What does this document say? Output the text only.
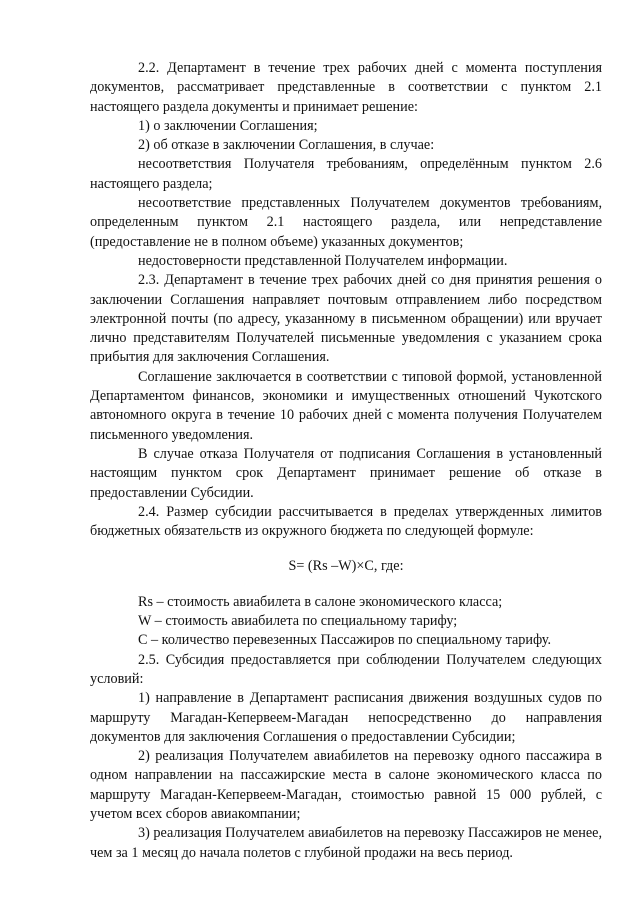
2.2. Департамент в течение трех рабочих дней с момента поступления документов, рассматривает представленные в соответствии с пунктом 2.1 настоящего раздела документы и принимает решение:

1) о заключении Соглашения;

2) об отказе в заключении Соглашения, в случае:

несоответствия Получателя требованиям, определённым пунктом 2.6 настоящего раздела;

несоответствие представленных Получателем документов требованиям, определенным пунктом 2.1 настоящего раздела, или непредставление (предоставление не в полном объеме) указанных документов;

недостоверности представленной Получателем информации.

2.3. Департамент в течение трех рабочих дней со дня принятия решения о заключении Соглашения направляет почтовым отправлением либо посредством электронной почты (по адресу, указанному в письменном обращении) или вручает лично представителям Получателей письменные уведомления с указанием срока прибытия для заключения Соглашения.

Соглашение заключается в соответствии с типовой формой, установленной Департаментом финансов, экономики и имущественных отношений Чукотского автономного округа в течение 10 рабочих дней с момента получения Получателем письменного уведомления.

В случае отказа Получателя от подписания Соглашения в установленный настоящим пунктом срок Департамент принимает решение об отказе в предоставлении Субсидии.

2.4. Размер субсидии рассчитывается в пределах утвержденных лимитов бюджетных обязательств из окружного бюджета по следующей формуле:

S= (Rs –W)×C, где:

Rs – стоимость авиабилета в салоне экономического класса;

W – стоимость авиабилета по специальному тарифу;

С – количество перевезенных Пассажиров по специальному тарифу.

2.5. Субсидия предоставляется при соблюдении Получателем следующих условий:

1) направление в Департамент расписания движения воздушных судов по маршруту Магадан-Кепервеем-Магадан непосредственно до направления документов для заключения Соглашения о предоставлении Субсидии;

2) реализация Получателем авиабилетов на перевозку одного пассажира в одном направлении на пассажирские места в салоне экономического класса по маршруту Магадан-Кепервеем-Магадан, стоимостью равной 15 000 рублей, с учетом всех сборов авиакомпании;

3) реализация Получателем авиабилетов на перевозку Пассажиров не менее, чем за 1 месяц до начала полетов с глубиной продажи на весь период.
